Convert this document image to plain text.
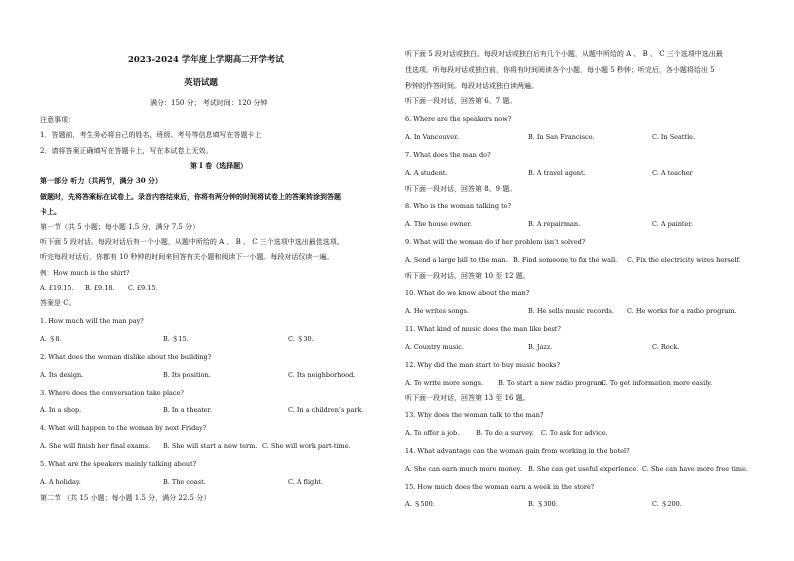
2023-2024 学年度上学期高二开学考试
英语试题
满分：150 分； 考试时间：120 分钟
注意事项：
1．答题前，考生务必将自己的姓名、班级、考号等信息填写在答题卡上
2．请将答案正确填写在答题卡上，写在本试卷上无效。
第 I 卷（选择题）
第一部分 听力（共两节，满分 30 分）
做题时，先将答案标在试卷上。录音内容结束后，你将有两分钟的时间将试卷上的答案转涂到答题
卡上。
第一节（共 5 小题；每小题 1.5 分，满分 7.5 分）
听下面 5 段对话。每段对话后有一个小题，从题中所给的 A 、 B 、 C 三个选项中选出最佳选项。
听完每段对话后，你都有 10 秒钟的时间来回答有关小题和阅读下一小题。每段对话仅读一遍。
例：How much is the shirt?
A. £19.15. B. £9.18. C. £9.15.
答案是 C。
1. How much will the man pay?
A. ＄8.	B. ＄15.	C. ＄30.
2. What does the woman dislike about the building?
A. Its design.	B. Its position.	C. Its neighborhood.
3. Where does the conversation take place?
A. In a shop.	B. In a theater.	C. In a children’s park.
4. What will happen to the woman by next Friday?
A. She will finish her final exams. B. She will start a new term. C. She will work part-time.
5. What are the speakers mainly talking about?
A. A holiday.	B. The coast.	C. A flight.
第二节 （共 15 小题；每小题 1.5 分，满分 22.5 分）
听下面 5 段对话或独白。每段对话或独白后有几个小题，从题中所给的 A 、 B 、 C 三个选项中选出最
佳选项。听每段对话或独白前，你将有时间阅读各个小题，每小题 5 秒钟；听完后，各小题将给出 5
秒钟的作答时间。每段对话或独白读两遍。
听下面一段对话，回答第 6、7 题。
6. Where are the speakers now?
A. In Vancouver.	B. In San Francisco.	C. In Seattle.
7. What does the man do?
A. A student.	B. A travel agent.	C. A teacher
听下面一段对话，回答第 8、9 题。
8. Who is the woman talking to?
A. The house owner.	B. A repairman.	C. A painter.
9. What will the woman do if her problem isn’t solved?
A. Send a large bill to the man. B. Find someone to fix the wall. C. Fix the electricity wires herself.
听下面一段对话，回答第 10 至 12 题。
10. What do we know about the man?
A. He writes songs.	B. He sells music records. C. He works for a radio program.
11. What kind of music does the man like best?
A. Country music.	B. Jazz.	C. Rock.
12. Why did the man start to buy music books?
A. To write more songs. B. To start a new radio program.
C. To get information more easily.
听下面一段对话，回答第 13 至 16 题。
13. Why does the woman talk to the man?
A. To offer a job.	B. To do a survey. C. To ask for advice.
14. What advantage can the woman gain from working in the hotel?
A. She can earn much more money. B. She can get useful experience. C. She can have more free time.
15. How much does the woman earn a week in the store?
A. ＄500.	B. ＄300.	C. ＄200.
